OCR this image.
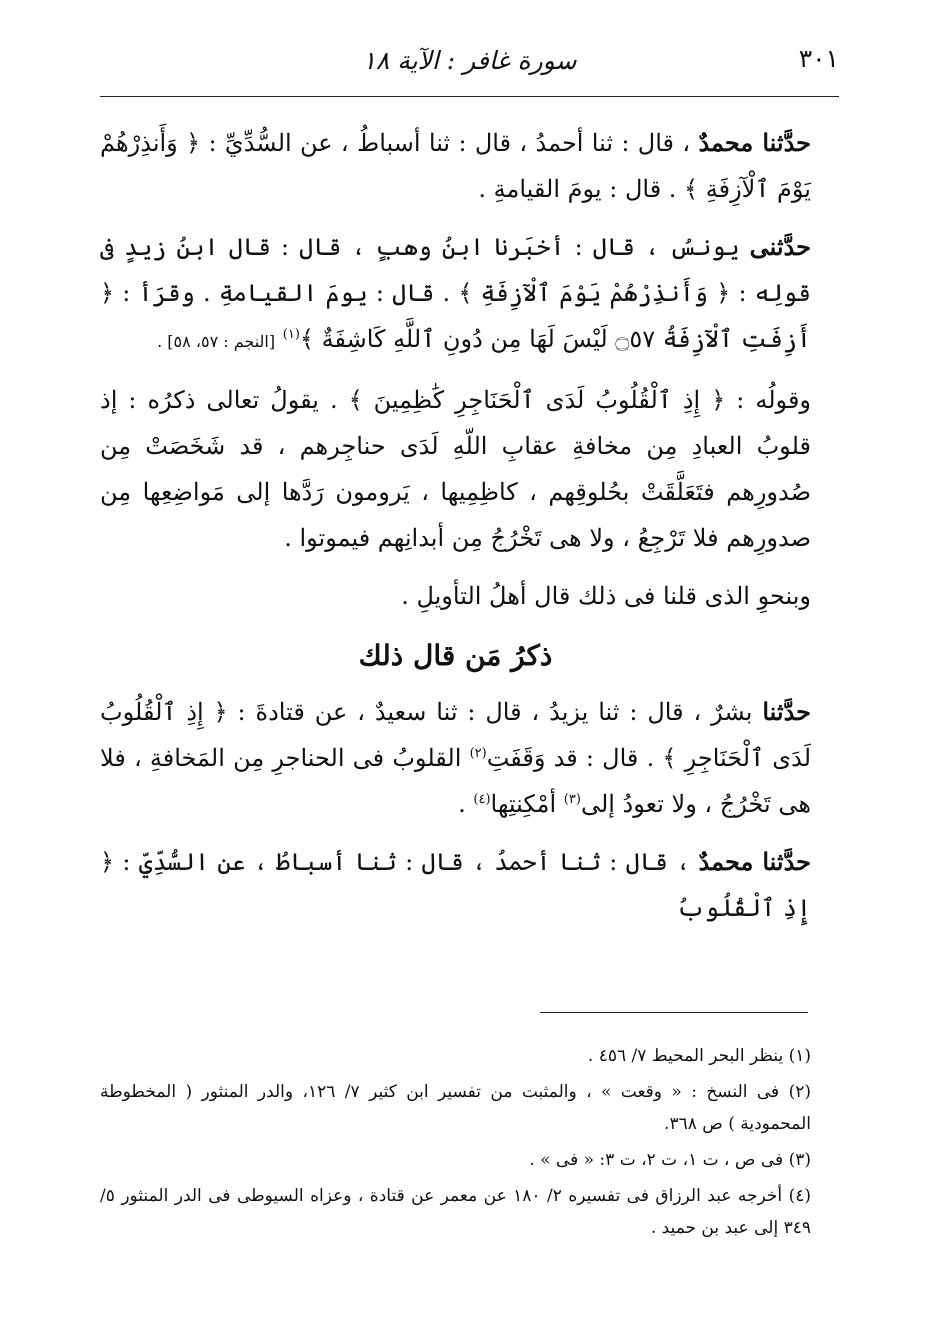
٣٠١
سورة غافر : الآية ١٨

حدَّثنا محمدٌ ، قال : ثنا أحمدُ ، قال : ثنا أسباطُ ، عن السُّدِّيِّ : ﴿ وَأَنذِرْهُمْ يَوْمَ ٱلْآزِفَةِ ﴾ . قال : يومَ القيامةِ .

حدَّثنى يونسُ ، قال : أخبَرنا ابنُ وهبٍ ، قال : قال ابنُ زيدٍ فى قولِه : ﴿ وَأَنذِرْهُمْ يَوْمَ ٱلْآزِفَةِ ﴾ . قال : يومَ القيامةِ . وقرَأ : ﴿ أَزِفَتِ ٱلْآزِفَةُ ۝٥٧ لَيْسَ لَهَا مِن دُونِ ٱللَّهِ كَاشِفَةٌ ﴾$^{(١)}$ [النجم : ٥٧، ٥٨] .

وقولُه : ﴿ إِذِ ٱلْقُلُوبُ لَدَى ٱلْحَنَاجِرِ كَٰظِمِينَ ﴾ . يقولُ تعالى ذكرُه : إذ قلوبُ العبادِ مِن مخافةِ عقابِ اللّهِ لَدَى حناجِرهم ، قد شَخَصَتْ مِن صُدورِهم فتَعَلَّقَتْ بحُلوقِهم ، كاظِمِيها ، يَرومون رَدَّها إلى مَواضِعِها مِن صدورِهم فلا تَرْجِعُ ، ولا هى تَخْرُجُ مِن أبدانِهم فيموتوا .

وبنحوِ الذى قلنا فى ذلك قال أهلُ التأويلِ .

ذكرُ مَن قال ذلك

حدَّثنا بشرٌ ، قال : ثنا يزيدُ ، قال : ثنا سعيدٌ ، عن قتادةَ : ﴿ إِذِ ٱلْقُلُوبُ لَدَى ٱلْحَنَاجِرِ ﴾ . قال : قد وَقَفَتِ$^{(٢)}$ القلوبُ فى الحناجرِ مِن المَخافةِ ، فلا هى تَخْرُجُ ، ولا تعودُ إلى$^{(٣)}$ أمْكِنتِها$^{(٤)}$ .

حدَّثنا محمدٌ ، قال : ثنا أحمدُ ، قال : ثنا أسباطُ ، عن السُّدِّيِّ : ﴿ إِذِ ٱلْقُلُوبُ

(١) ينظر البحر المحيط ٧/ ٤٥٦ .

(٢) فى النسخ : « وقعت » ، والمثبت من تفسير ابن كثير ٧/ ١٢٦، والدر المنثور ( المخطوطة المحمودية ) ص ٣٦٨.

(٣) فى ص ، ت ١، ت ٢، ت ٣: « فى » .

(٤) أخرجه عبد الرزاق فى تفسيره ٢/ ١٨٠ عن معمر عن قتادة ، وعزاه السيوطى فى الدر المنثور ٥/ ٣٤٩ إلى عبد بن حميد .
